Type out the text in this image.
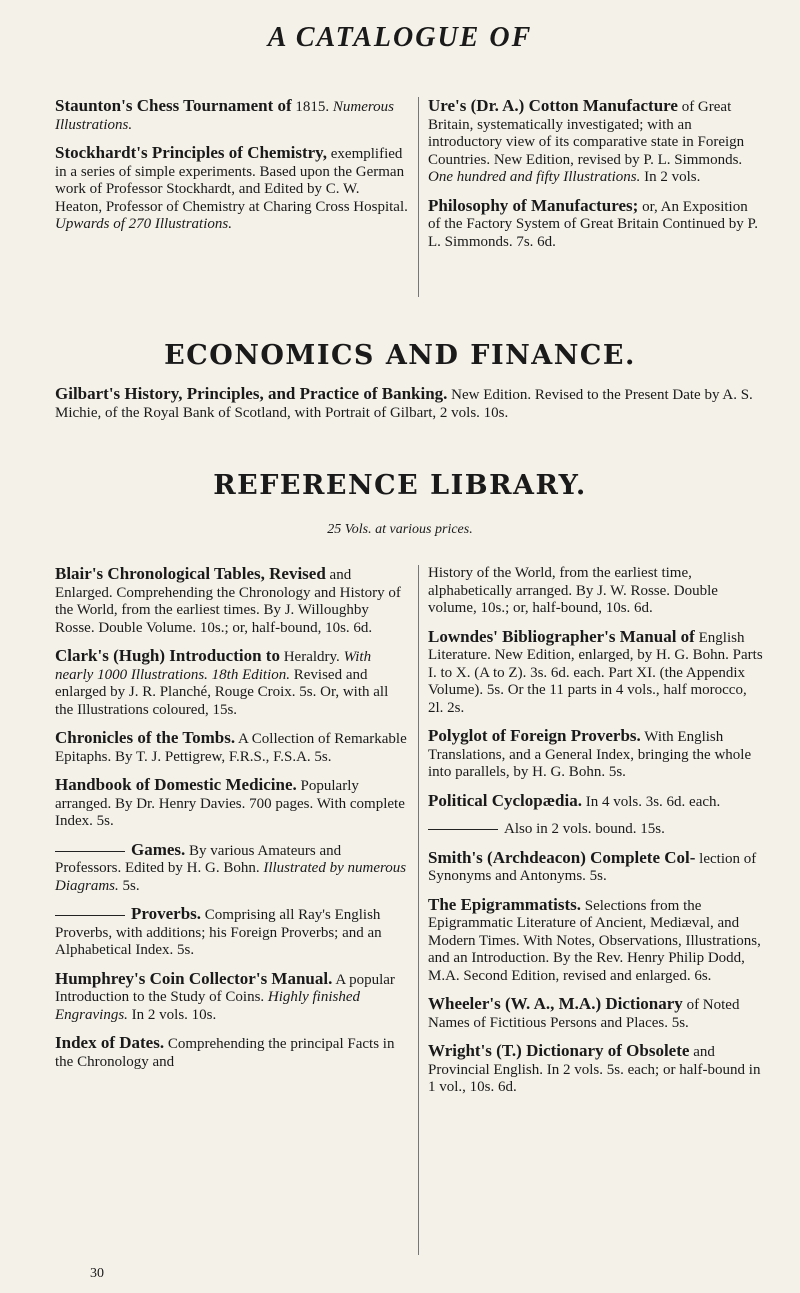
A CATALOGUE OF
Staunton's Chess Tournament of 1815. Numerous Illustrations.
Stockhardt's Principles of Chemistry, exemplified in a series of simple experiments. Based upon the German work of Professor Stockhardt, and Edited by C. W. Heaton, Professor of Chemistry at Charing Cross Hospital. Upwards of 270 Illustrations.
Ure's (Dr. A.) Cotton Manufacture of Great Britain, systematically investigated; with an introductory view of its comparative state in Foreign Countries. New Edition, revised by P. L. Simmonds. One hundred and fifty Illustrations. In 2 vols.
Philosophy of Manufactures; or, An Exposition of the Factory System of Great Britain Continued by P. L. Simmonds. 7s. 6d.
ECONOMICS AND FINANCE.
Gilbart's History, Principles, and Practice of Banking. New Edition. Revised to the Present Date by A. S. Michie, of the Royal Bank of Scotland, with Portrait of Gilbart, 2 vols. 10s.
REFERENCE LIBRARY.
25 Vols. at various prices.
Blair's Chronological Tables, Revised and Enlarged. Comprehending the Chronology and History of the World, from the earliest times. By J. Willoughby Rosse. Double Volume. 10s.; or, half-bound, 10s. 6d.
Clark's (Hugh) Introduction to Heraldry. With nearly 1000 Illustrations. 18th Edition. Revised and enlarged by J. R. Planché, Rouge Croix. 5s. Or, with all the Illustrations coloured, 15s.
Chronicles of the Tombs. A Collection of Remarkable Epitaphs. By T. J. Pettigrew, F.R.S., F.S.A. 5s.
Handbook of Domestic Medicine. Popularly arranged. By Dr. Henry Davies. 700 pages. With complete Index. 5s.
Games. By various Amateurs and Professors. Edited by H. G. Bohn. Illustrated by numerous Diagrams. 5s.
Proverbs. Comprising all Ray's English Proverbs, with additions; his Foreign Proverbs; and an Alphabetical Index. 5s.
Humphrey's Coin Collector's Manual. A popular Introduction to the Study of Coins. Highly finished Engravings. In 2 vols. 10s.
Index of Dates. Comprehending the principal Facts in the Chronology and
History of the World, from the earliest time, alphabetically arranged. By J. W. Rosse. Double volume, 10s.; or, half-bound, 10s. 6d.
Lowndes' Bibliographer's Manual of English Literature. New Edition, enlarged, by H. G. Bohn. Parts I. to X. (A to Z). 3s. 6d. each. Part XI. (the Appendix Volume). 5s. Or the 11 parts in 4 vols., half morocco, 2l. 2s.
Polyglot of Foreign Proverbs. With English Translations, and a General Index, bringing the whole into parallels, by H. G. Bohn. 5s.
Political Cyclopædia. In 4 vols. 3s. 6d. each.
Also in 2 vols. bound. 15s.
Smith's (Archdeacon) Complete Col- lection of Synonyms and Antonyms. 5s.
The Epigrammatists. Selections from the Epigrammatic Literature of Ancient, Mediæval, and Modern Times. With Notes, Observations, Illustrations, and an Introduction. By the Rev. Henry Philip Dodd, M.A. Second Edition, revised and enlarged. 6s.
Wheeler's (W. A., M.A.) Dictionary of Noted Names of Fictitious Persons and Places. 5s.
Wright's (T.) Dictionary of Obsolete and Provincial English. In 2 vols. 5s. each; or half-bound in 1 vol., 10s. 6d.
30
